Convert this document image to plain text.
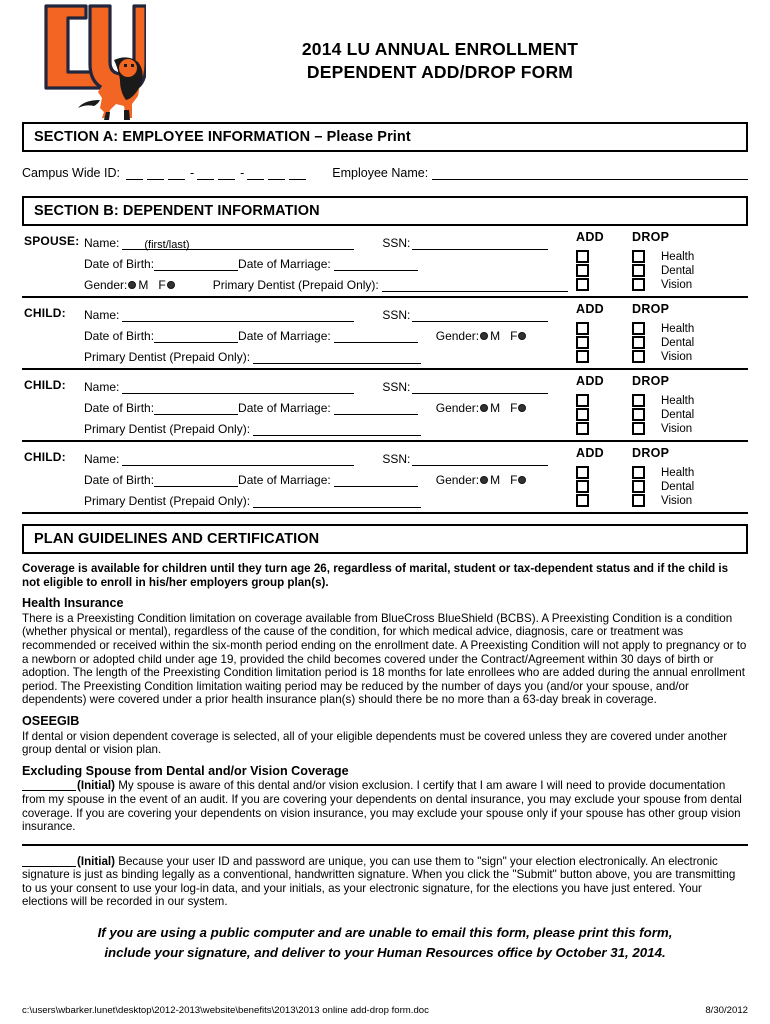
2014 LU ANNUAL ENROLLMENT
DEPENDENT ADD/DROP FORM
SECTION A: EMPLOYEE INFORMATION – Please Print
Campus Wide ID:	-	-	Employee Name:
SECTION B: DEPENDENT INFORMATION
SPOUSE: Name:	(first/last)	SSN:
Date of Birth:	Date of Marriage:
Gender: M F	Primary Dentist (Prepaid Only):
ADD	DROP
Health
Dental
Vision
CHILD: Name:	SSN:
Date of Birth:	Date of Marriage:	Gender: M F
Primary Dentist (Prepaid Only):
ADD	DROP
Health
Dental
Vision
CHILD: Name:	SSN:
Date of Birth:	Date of Marriage:	Gender: M F
Primary Dentist (Prepaid Only):
ADD	DROP
Health
Dental
Vision
CHILD: Name:	SSN:
Date of Birth:	Date of Marriage:	Gender: M F
Primary Dentist (Prepaid Only):
ADD	DROP
Health
Dental
Vision
PLAN GUIDELINES AND CERTIFICATION

Coverage is available for children until they turn age 26, regardless of marital, student or tax-dependent status and if the child is not eligible to enroll in his/her employers group plan(s).

Health Insurance

There is a Preexisting Condition limitation on coverage available from BlueCross BlueShield (BCBS). A Preexisting Condition is a condition (whether physical or mental), regardless of the cause of the condition, for which medical advice, diagnosis, care or treatment was recommended or received within the six-month period ending on the enrollment date. A Preexisting Condition will not apply to pregnancy or to a newborn or adopted child under age 19, provided the child becomes covered under the Contract/Agreement within 30 days of birth or adoption. The length of the Preexisting Condition limitation period is 18 months for late enrollees who are added during the annual enrollment period. The Preexisting Condition limitation waiting period may be reduced by the number of days you (and/or your spouse, and/or dependents) were covered under a prior health insurance plan(s) should there be no more than a 63-day break in coverage.

OSEEGIB

If dental or vision dependent coverage is selected, all of your eligible dependents must be covered unless they are covered under another group dental or vision plan.

Excluding Spouse from Dental and/or Vision Coverage

(Initial) My spouse is aware of this dental and/or vision exclusion. I certify that I am aware I will need to provide documentation from my spouse in the event of an audit. If you are covering your dependents on dental insurance, you may exclude your spouse from dental coverage. If you are covering your dependents on vision insurance, you may exclude your spouse only if your spouse has other group vision insurance.

(Initial) Because your user ID and password are unique, you can use them to "sign" your election electronically. An electronic signature is just as binding legally as a conventional, handwritten signature. When you click the "Submit" button above, you are transmitting to us your consent to use your log-in data, and your initials, as your electronic signature, for the elections you have just entered. Your elections will be recorded in our system.

If you are using a public computer and are unable to email this form, please print this form,
include your signature, and deliver to your Human Resources office by October 31, 2014.
c:\users\wbarker.lunet\desktop\2012-2013\website\benefits\2013\2013 online add-drop form.doc	8/30/2012
